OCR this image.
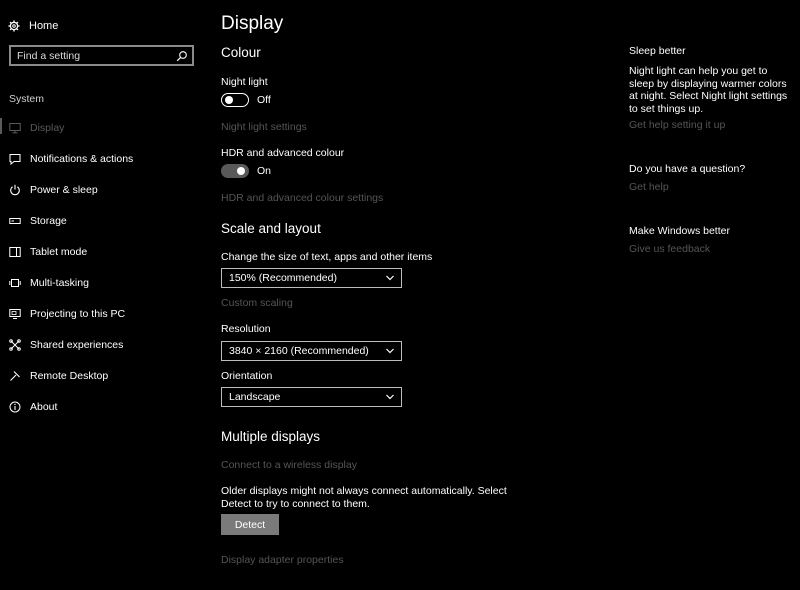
Home
Find a setting
System
Display
Notifications & actions
Power & sleep
Storage
Tablet mode
Multi-tasking
Projecting to this PC
Shared experiences
Remote Desktop
About
Display
Colour
Night light
Off
Night light settings
HDR and advanced colour
On
HDR and advanced colour settings
Scale and layout
Change the size of text, apps and other items
150% (Recommended)
Custom scaling
Resolution
3840 × 2160 (Recommended)
Orientation
Landscape
Multiple displays
Connect to a wireless display
Older displays might not always connect automatically. Select Detect to try to connect to them.
Detect
Display adapter properties
Sleep better
Night light can help you get to sleep by displaying warmer colors at night. Select Night light settings to set things up.
Get help setting it up
Do you have a question?
Get help
Make Windows better
Give us feedback
